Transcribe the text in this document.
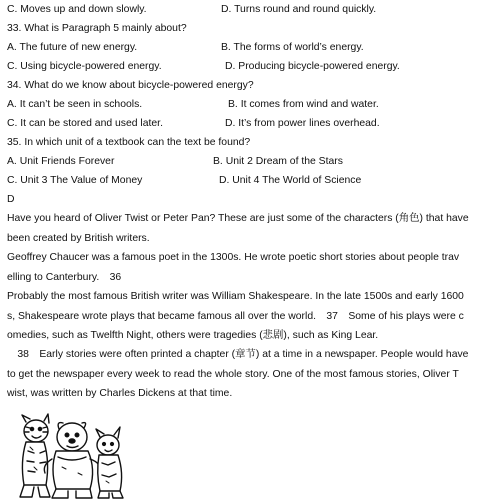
C. Moves up and down slowly.	D. Turns round and round quickly.
33. What is Paragraph 5 mainly about?
A. The future of new energy.	B. The forms of world’s energy.
C. Using bicycle-powered energy.	D. Producing bicycle-powered energy.
34. What do we know about bicycle-powered energy?
A. It can’t be seen in schools.	B. It comes from wind and water.
C. It can be stored and used later.	D. It’s from power lines overhead.
35. In which unit of a textbook can the text be found?
A. Unit Friends Forever	B. Unit 2 Dream of the Stars
C. Unit 3 The Value of Money	D. Unit 4 The World of Science
D
Have you heard of Oliver Twist or Peter Pan? These are just some of the characters (角色) that have been created by British writers.
Geoffrey Chaucer was a famous poet in the 1300s. He wrote poetic short stories about people trav elling to Canterbury.　36
Probably the most famous British writer was William Shakespeare. In the late 1500s and early 1600 s, Shakespeare wrote plays that became famous all over the world.　37　Some of his plays were c omedies, such as Twelfth Night, others were tragedies (悲剧), such as King Lear.
　38　Early stories were often printed a chapter (章节) at a time in a newspaper. People would have to get the newspaper every week to read the whole story. One of the most famous stories, Oliver T wist, was written by Charles Dickens at that time.
